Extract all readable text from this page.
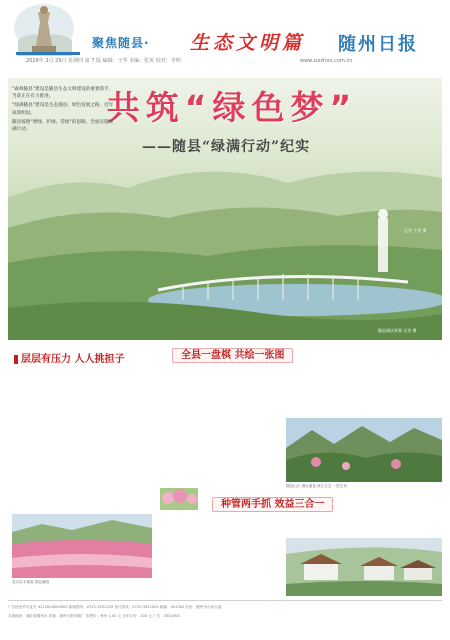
聚焦随县· 生态文明篇 随州日报
2018年 3月 29日 星期四 第 7 版 编辑：王华 美编：张英 校对：李明	www.suizhou.com.cn
共筑“绿色梦”
——随县“绿满行动”纪实

“森林随县”建设是随县生态文明建设的重要抓手，当前正在有力推进。

“绿满随县”建设是生态强县、绿色发展之路，近年成效明显。

随县按照“增绿、护绿、管绿”的思路，全面实施绿满行动。

记者 王华 摄
随县城区新貌 记者 摄
层层有压力 人人挑担子

　　　　　　　　　　　　　　　　　　　　　　	全县一盘棋 共绘一张图
随县山区 满目葱茏 林区生态 一派生机
种管两手抓 效益三合一
花卉苗木基地 春色满园
广告经营许可证号 4213004000002 新闻热线：0722-3551234 发行热线：0722-3551000 邮编：441300 社址：随州市沿河大道
本报地址：湖北省随州市 印刷：随州日报印刷厂 零售价：每份 1.00 元 全年订价：300 元 广告：3552000
